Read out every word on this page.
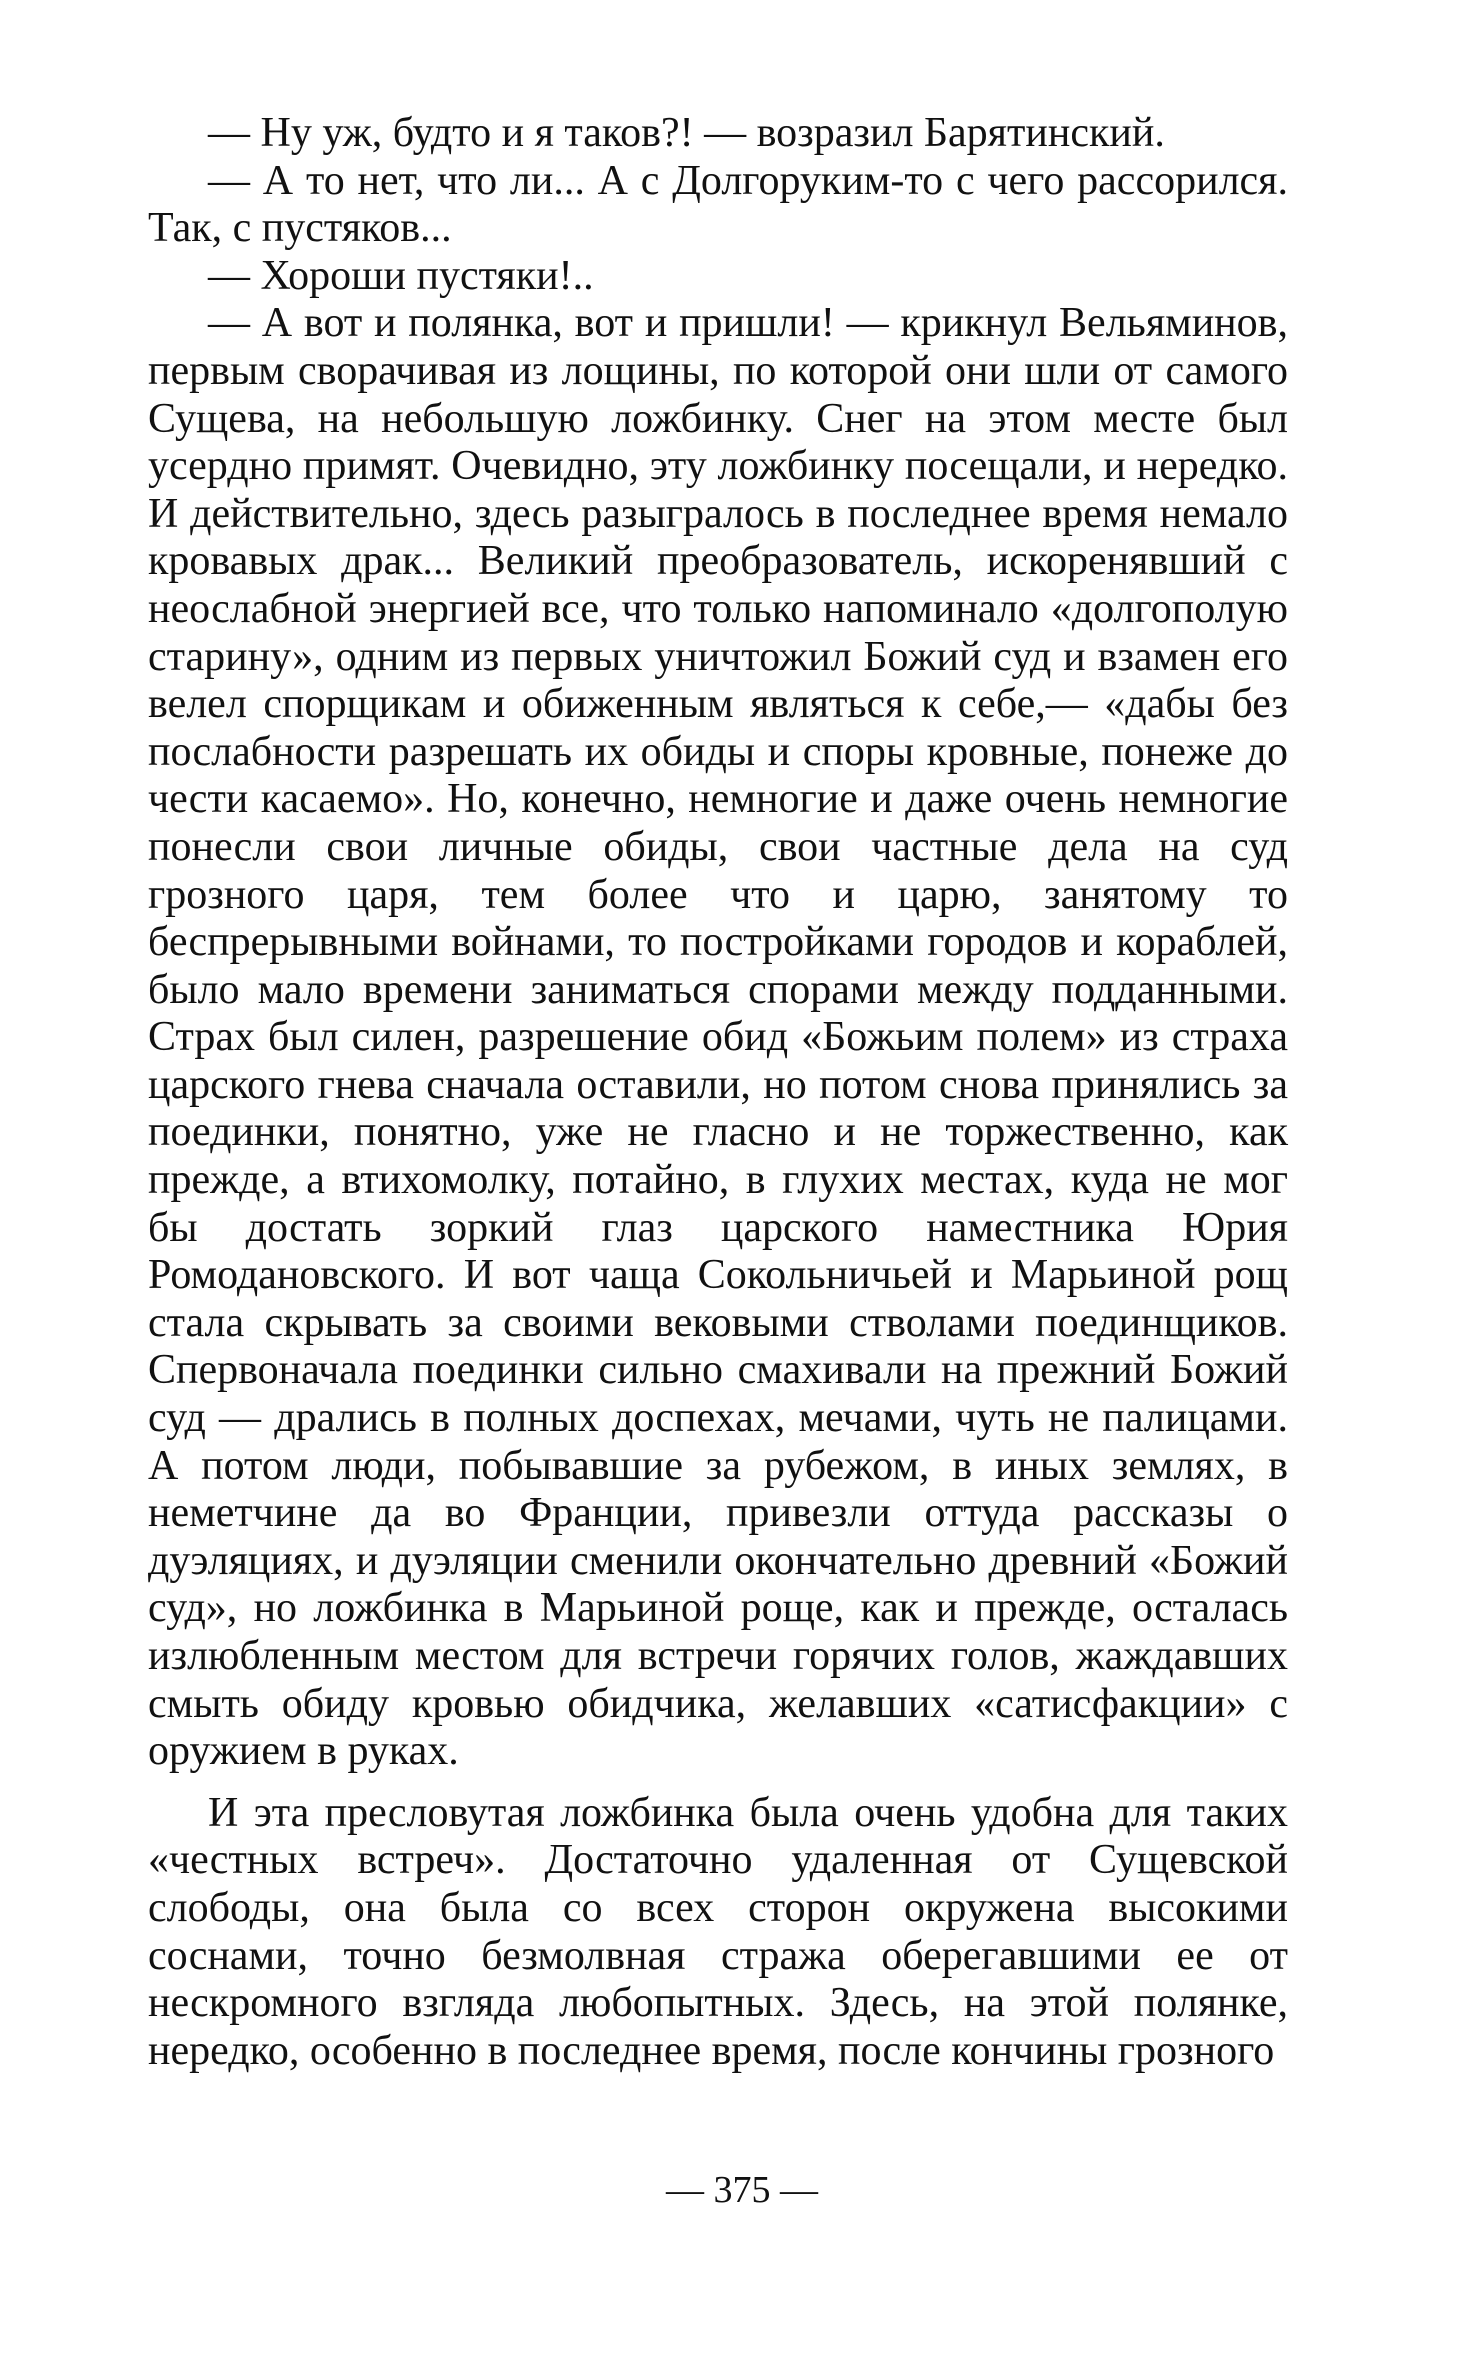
— Ну уж, будто и я таков?! — возразил Барятинский.

— А то нет, что ли... А с Долгоруким-то с чего рассорился. Так, с пустяков...

— Хороши пустяки!..

— А вот и полянка, вот и пришли! — крикнул Вельяминов, первым сворачивая из лощины, по которой они шли от самого Сущева, на небольшую ложбинку. Снег на этом месте был усердно примят. Очевидно, эту ложбинку посещали, и нередко. И действительно, здесь разыгралось в последнее время немало кровавых драк... Великий преобразователь, искоренявший с неослабной энергией все, что только напоминало «долгополую старину», одним из первых уничтожил Божий суд и взамен его велел спорщикам и обиженным являться к себе,— «дабы без послабности разрешать их обиды и споры кровные, понеже до чести касаемо». Но, конечно, немногие и даже очень немногие понесли свои личные обиды, свои частные дела на суд грозного царя, тем более что и царю, занятому то беспрерывными войнами, то постройками городов и кораблей, было мало времени заниматься спорами между подданными. Страх был силен, разрешение обид «Божьим полем» из страха царского гнева сначала оставили, но потом снова принялись за поединки, понятно, уже не гласно и не торжественно, как прежде, а втихомолку, потайно, в глухих местах, куда не мог бы достать зоркий глаз царского наместника Юрия Ромодановского. И вот чаща Сокольничьей и Марьиной рощ стала скрывать за своими вековыми стволами поединщиков. Спервоначала поединки сильно смахивали на прежний Божий суд — дрались в полных доспехах, мечами, чуть не палицами. А потом люди, побывавшие за рубежом, в иных землях, в неметчине да во Франции, привезли оттуда рассказы о дуэляциях, и дуэляции сменили окончательно древний «Божий суд», но ложбинка в Марьиной роще, как и прежде, осталась излюбленным местом для встречи горячих голов, жаждавших смыть обиду кровью обидчика, желавших «сатисфакции» с оружием в руках.

И эта пресловутая ложбинка была очень удобна для таких «честных встреч». Достаточно удаленная от Сущевской слободы, она была со всех сторон окружена высокими соснами, точно безмолвная стража оберегавшими ее от нескромного взгляда любопытных. Здесь, на этой полянке, нередко, особенно в последнее время, после кончины грозного

— 375 —
